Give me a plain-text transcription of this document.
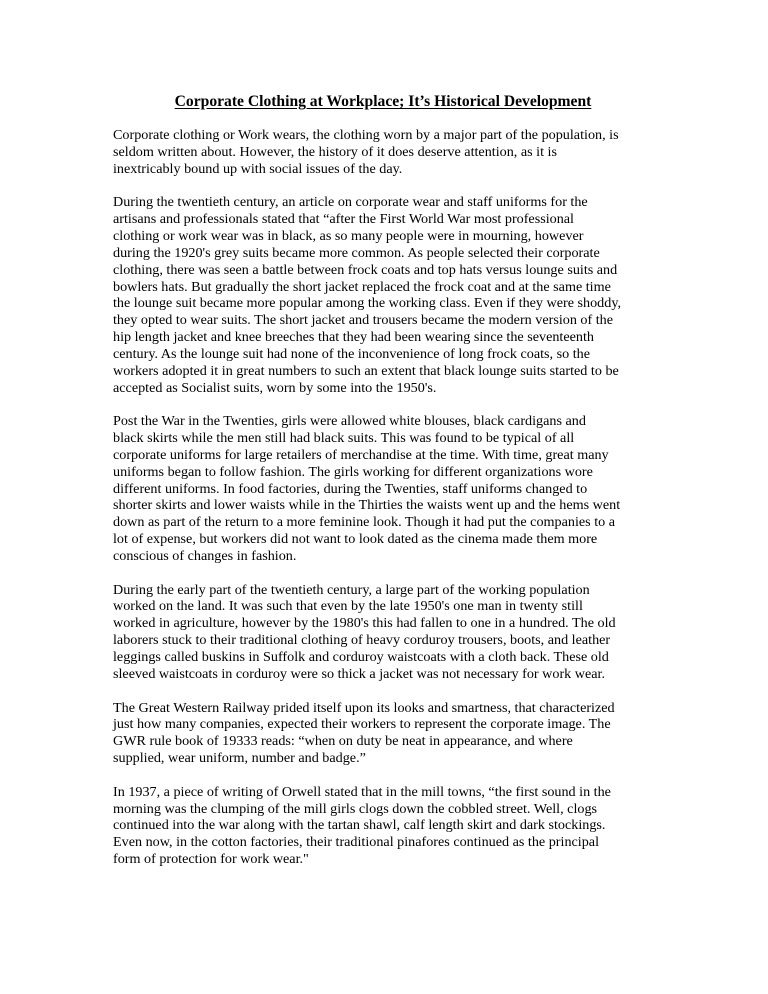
Corporate Clothing at Workplace; It’s Historical Development

Corporate clothing or Work wears, the clothing worn by a major part of the population, is
seldom written about. However, the history of it does deserve attention, as it is
inextricably bound up with social issues of the day.

During the twentieth century, an article on corporate wear and staff uniforms for the
artisans and professionals stated that “after the First World War most professional
clothing or work wear was in black, as so many people were in mourning, however
during the 1920's grey suits became more common. As people selected their corporate
clothing, there was seen a battle between frock coats and top hats versus lounge suits and
bowlers hats. But gradually the short jacket replaced the frock coat and at the same time
the lounge suit became more popular among the working class. Even if they were shoddy,
they opted to wear suits. The short jacket and trousers became the modern version of the
hip length jacket and knee breeches that they had been wearing since the seventeenth
century. As the lounge suit had none of the inconvenience of long frock coats, so the
workers adopted it in great numbers to such an extent that black lounge suits started to be
accepted as Socialist suits, worn by some into the 1950's.

Post the War in the Twenties, girls were allowed white blouses, black cardigans and
black skirts while the men still had black suits. This was found to be typical of all
corporate uniforms for large retailers of merchandise at the time. With time, great many
uniforms began to follow fashion. The girls working for different organizations wore
different uniforms. In food factories, during the Twenties, staff uniforms changed to
shorter skirts and lower waists while in the Thirties the waists went up and the hems went
down as part of the return to a more feminine look. Though it had put the companies to a
lot of expense, but workers did not want to look dated as the cinema made them more
conscious of changes in fashion.

During the early part of the twentieth century, a large part of the working population
worked on the land. It was such that even by the late 1950's one man in twenty still
worked in agriculture, however by the 1980's this had fallen to one in a hundred. The old
laborers stuck to their traditional clothing of heavy corduroy trousers, boots, and leather
leggings called buskins in Suffolk and corduroy waistcoats with a cloth back. These old
sleeved waistcoats in corduroy were so thick a jacket was not necessary for work wear.

The Great Western Railway prided itself upon its looks and smartness, that characterized
just how many companies, expected their workers to represent the corporate image. The
GWR rule book of 19333 reads: “when on duty be neat in appearance, and where
supplied, wear uniform, number and badge.”

In 1937, a piece of writing of Orwell stated that in the mill towns, “the first sound in the
morning was the clumping of the mill girls clogs down the cobbled street. Well, clogs
continued into the war along with the tartan shawl, calf length skirt and dark stockings.
Even now, in the cotton factories, their traditional pinafores continued as the principal
form of protection for work wear."
